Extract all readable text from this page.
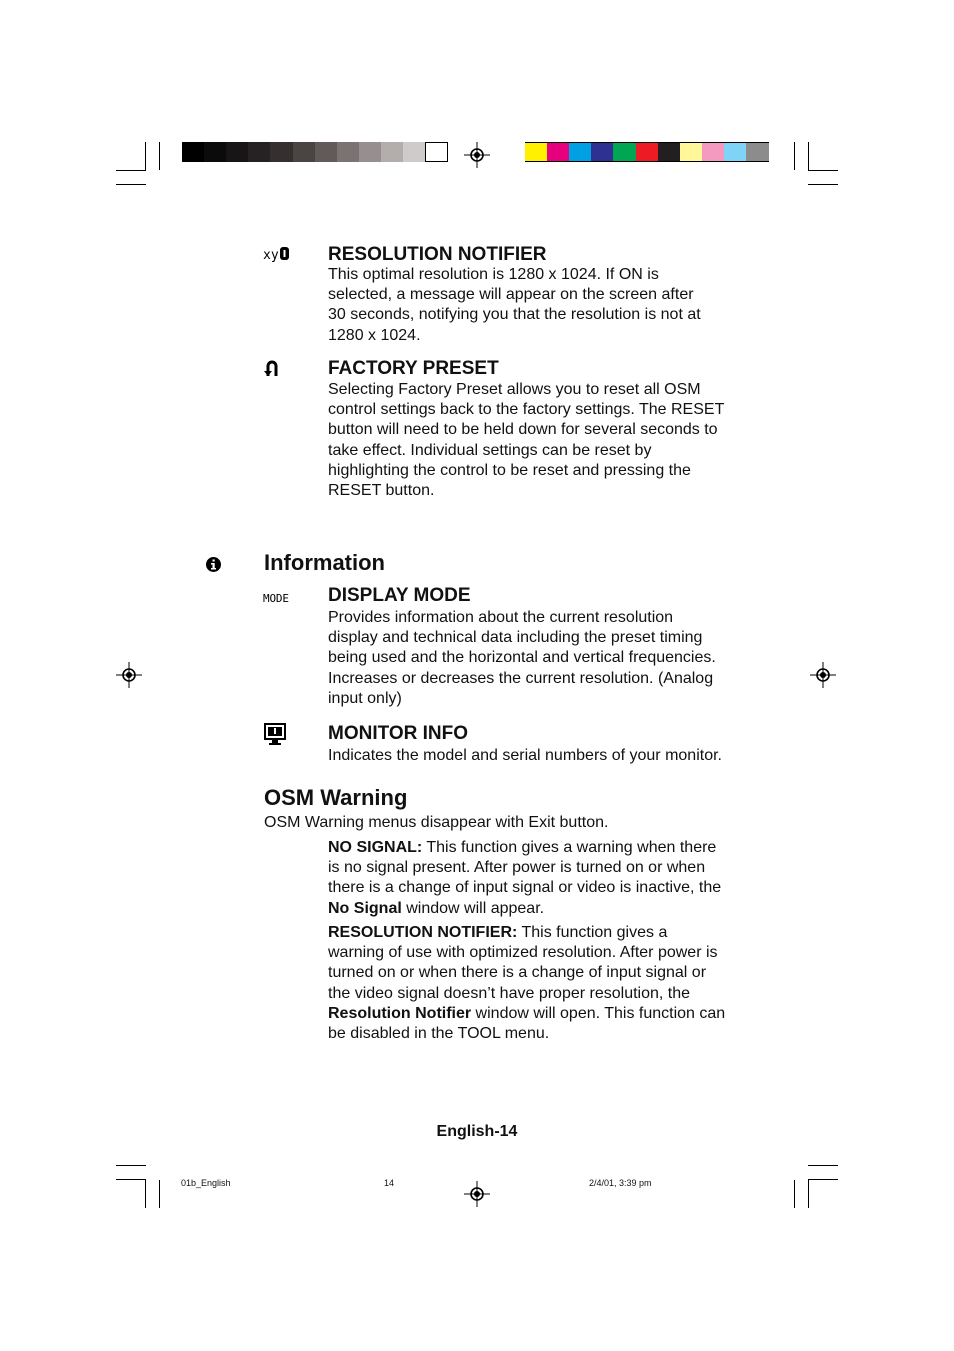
xy	RESOLUTION NOTIFIER
This optimal resolution is 1280 x 1024. If ON is
selected, a message will appear on the screen after
30 seconds, notifying you that the resolution is not at
1280 x 1024.
FACTORY PRESET
Selecting Factory Preset allows you to reset all OSM
control settings back to the factory settings. The RESET
button will need to be held down for several seconds to
take effect. Individual settings can be reset by
highlighting the control to be reset and pressing the
RESET button.
Information
MODE DISPLAY MODE
Provides information about the current resolution
display and technical data including the preset timing
being used and the horizontal and vertical frequencies.
Increases or decreases the current resolution. (Analog
input only)
MONITOR INFO
Indicates the model and serial numbers of your monitor.
OSM Warning
OSM Warning menus disappear with Exit button.
NO SIGNAL: This function gives a warning when there
is no signal present. After power is turned on or when
there is a change of input signal or video is inactive, the
No Signal window will appear.
RESOLUTION NOTIFIER: This function gives a
warning of use with optimized resolution. After power is
turned on or when there is a change of input signal or
the video signal doesn’t have proper resolution, the
Resolution Notifier window will open. This function can
be disabled in the TOOL menu.
English-14
01b_English	14	2/4/01, 3:39 pm
